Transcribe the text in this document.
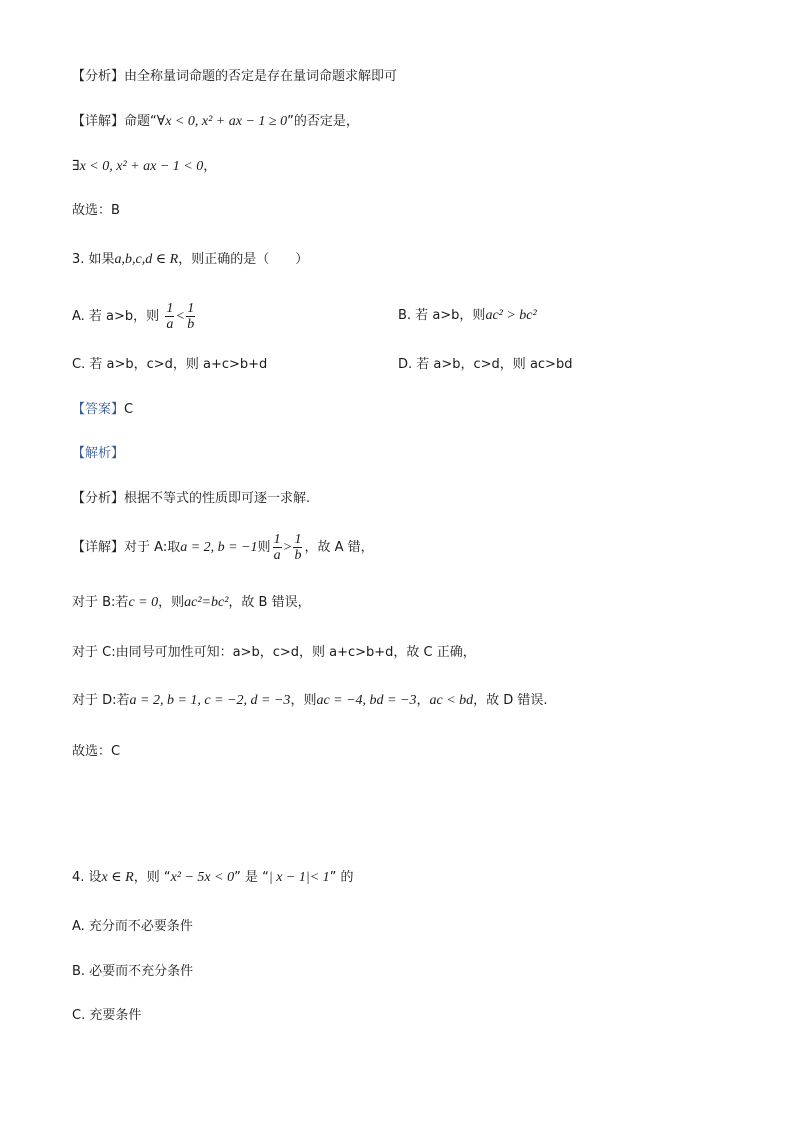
【分析】由全称量词命题的否定是存在量词命题求解即可
【详解】命题“∀x < 0, x² + ax − 1 ≥ 0”的否定是，
∃x < 0, x² + ax − 1 < 0，
故选：B
3. 如果a,b,c,d ∈ R，则正确的是（　　）
A. 若 a>b，则 $\frac{1}{a} < \frac{1}{b}$	B. 若 a>b，则ac² > bc²
C. 若 a>b，c>d，则 a+c>b+d	D. 若 a>b，c>d，则 ac>bd
【答案】C
【解析】
【分析】根据不等式的性质即可逐一求解.
【详解】对于 A:取a = 2, b = −1则 $\frac{1}{a} > \frac{1}{b}$ ，故 A 错，
对于 B:若c = 0，则ac²=bc²，故 B 错误，
对于 C:由同号可加性可知：a>b，c>d，则 a+c>b+d，故 C 正确，
对于 D:若a = 2, b = 1, c = −2, d = −3，则ac = −4, bd = −3，ac < bd，故 D 错误.
故选：C
4. 设x ∈ R，则 “x² − 5x < 0” 是 “| x − 1|< 1” 的
A. 充分而不必要条件
B. 必要而不充分条件
C. 充要条件
